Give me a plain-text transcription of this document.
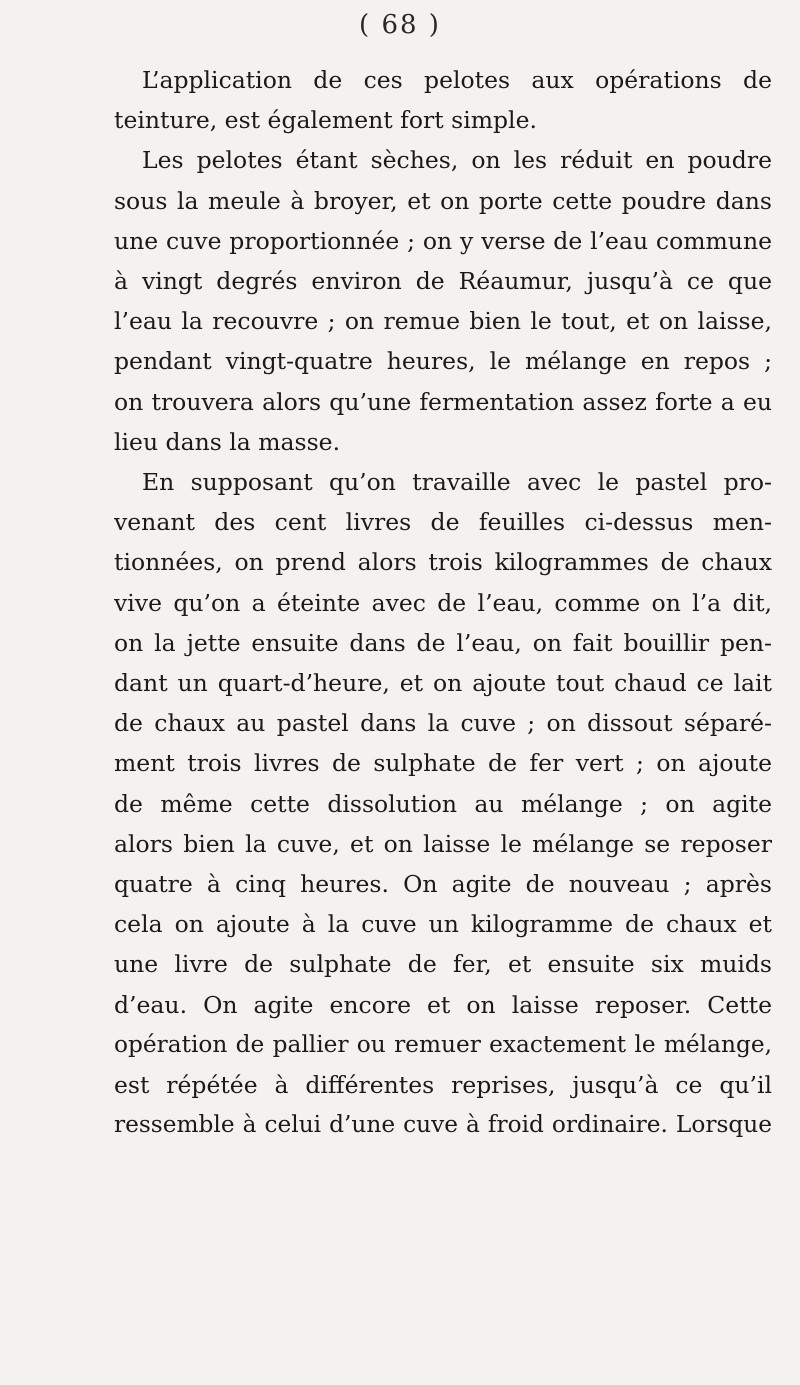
( 68 )
L’application de ces pelotes aux opérations de
teinture, est également fort simple.
Les pelotes étant sèches, on les réduit en poudre
sous la meule à broyer, et on porte cette poudre dans
une cuve proportionnée ; on y verse de l’eau commune
à vingt degrés environ de Réaumur, jusqu’à ce que
l’eau la recouvre ; on remue bien le tout, et on laisse,
pendant vingt-quatre heures, le mélange en repos ;
on trouvera alors qu’une fermentation assez forte a eu
lieu dans la masse.
En supposant qu’on travaille avec le pastel pro-
venant des cent livres de feuilles ci-dessus men-
tionnées, on prend alors trois kilogrammes de chaux
vive qu’on a éteinte avec de l’eau, comme on l’a dit,
on la jette ensuite dans de l’eau, on fait bouillir pen-
dant un quart-d’heure, et on ajoute tout chaud ce lait
de chaux au pastel dans la cuve ; on dissout séparé-
ment trois livres de sulphate de fer vert ; on ajoute
de même cette dissolution au mélange ; on agite
alors bien la cuve, et on laisse le mélange se reposer
quatre à cinq heures. On agite de nouveau ; après
cela on ajoute à la cuve un kilogramme de chaux et
une livre de sulphate de fer, et ensuite six muids
d’eau. On agite encore et on laisse reposer. Cette
opération de pallier ou remuer exactement le mélange,
est répétée à différentes reprises, jusqu’à ce qu’il
ressemble à celui d’une cuve à froid ordinaire. Lorsque
